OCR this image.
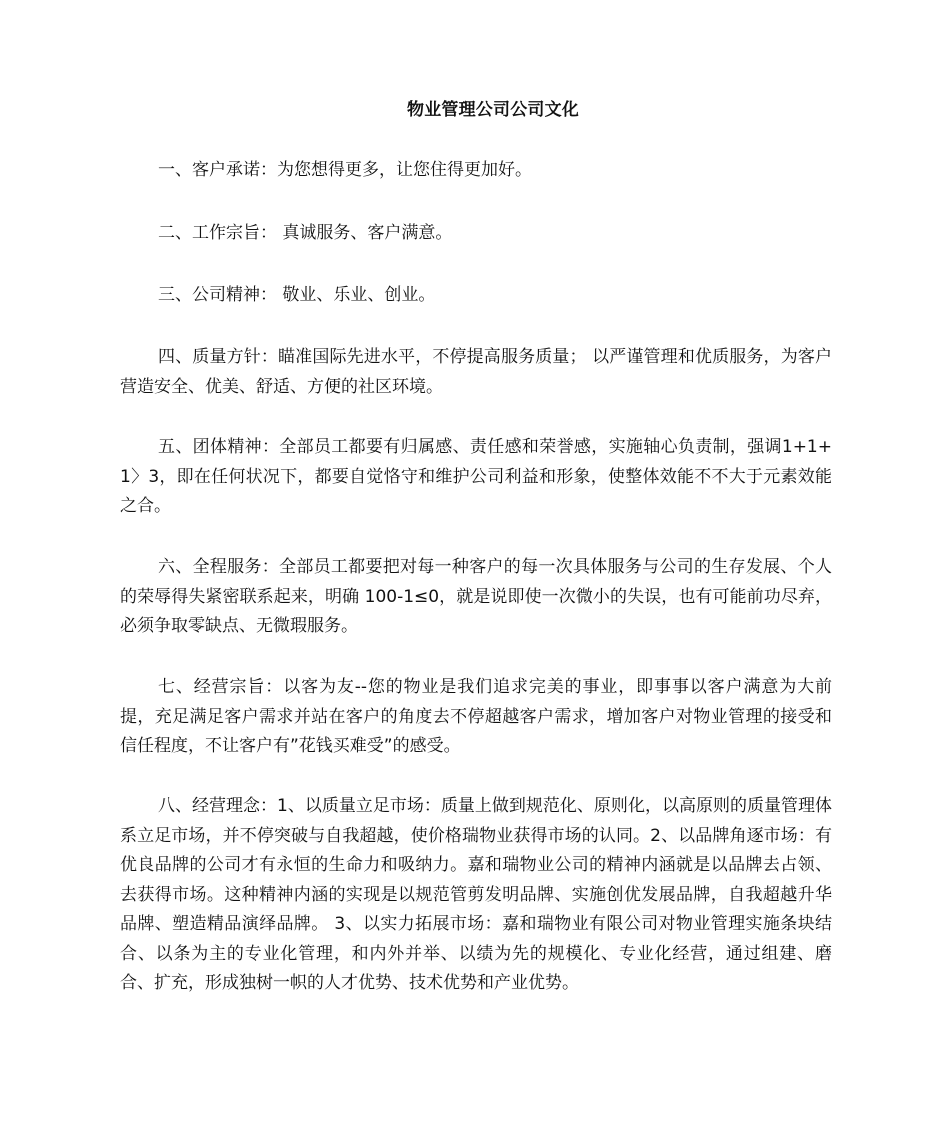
物业管理公司公司文化

一、客户承诺：为您想得更多，让您住得更加好。

二、工作宗旨： 真诚服务、客户满意。

三、公司精神： 敬业、乐业、创业。

四、质量方针：瞄准国际先进水平，不停提高服务质量； 以严谨管理和优质服务，为客户营造安全、优美、舒适、方便的社区环境。

五、团体精神：全部员工都要有归属感、责任感和荣誉感，实施轴心负责制，强调1+1+1〉3，即在任何状况下，都要自觉恪守和维护公司利益和形象，使整体效能不不大于元素效能之合。

六、全程服务：全部员工都要把对每一种客户的每一次具体服务与公司的生存发展、个人的荣辱得失紧密联系起来，明确 100-1≤0，就是说即使一次微小的失误，也有可能前功尽弃，必须争取零缺点、无微瑕服务。

七、经营宗旨：以客为友--您的物业是我们追求完美的事业，即事事以客户满意为大前提，充足满足客户需求并站在客户的角度去不停超越客户需求，增加客户对物业管理的接受和信任程度，不让客户有”花钱买难受”的感受。

八、经营理念：1、以质量立足市场：质量上做到规范化、原则化，以高原则的质量管理体系立足市场，并不停突破与自我超越，使价格瑞物业获得市场的认同。2、以品牌角逐市场：有优良品牌的公司才有永恒的生命力和吸纳力。嘉和瑞物业公司的精神内涵就是以品牌去占领、去获得市场。这种精神内涵的实现是以规范管剪发明品牌、实施创优发展品牌，自我超越升华品牌、塑造精品演绎品牌。 3、以实力拓展市场：嘉和瑞物业有限公司对物业管理实施条块结合、以条为主的专业化管理，和内外并举、以绩为先的规模化、专业化经营，通过组建、磨合、扩充，形成独树一帜的人才优势、技术优势和产业优势。
